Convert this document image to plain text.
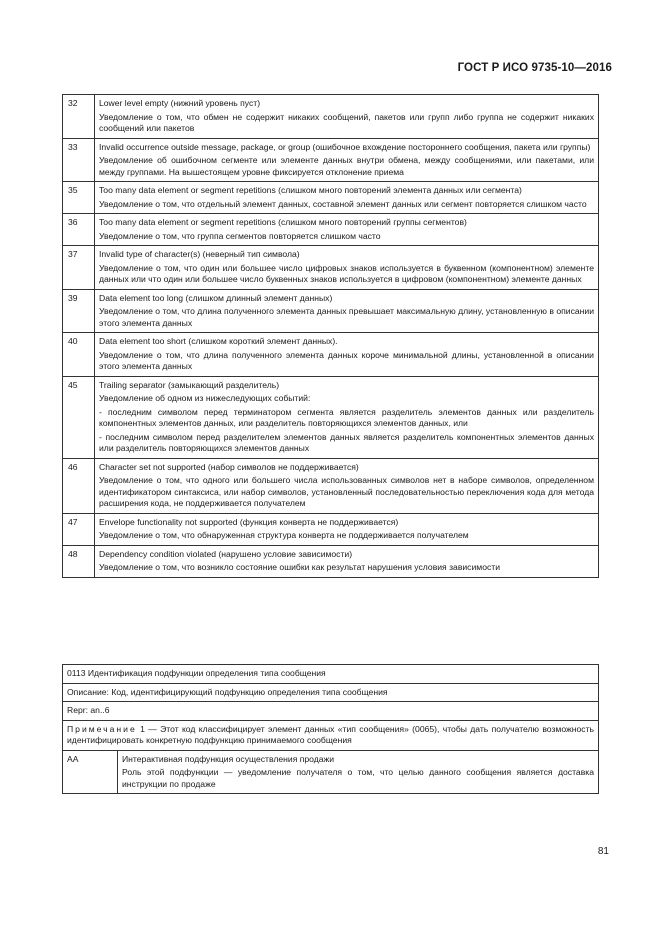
ГОСТ Р ИСО 9735-10—2016
32	Lower level empty (нижний уровень пуст)
Уведомление о том, что обмен не содержит никаких сообщений, пакетов или групп либо группа не содержит никаких сообщений или пакетов

33	Invalid occurrence outside message, package, or group (ошибочное вхождение постороннего сообщения, пакета или группы)
Уведомление об ошибочном сегменте или элементе данных внутри обмена, между сообщениями, или пакетами, или между группами. На вышестоящем уровне фиксируется отклонение приема

35	Too many data element or segment repetitions (слишком много повторений элемента данных или сегмента)
Уведомление о том, что отдельный элемент данных, составной элемент данных или сегмент повторяется слишком часто

36	Too many data element or segment repetitions (слишком много повторений группы сегментов)
Уведомление о том, что группа сегментов повторяется слишком часто

37	Invalid type of character(s) (неверный тип символа)
Уведомление о том, что один или большее число цифровых знаков используется в буквенном (компонентном) элементе данных или что один или большее число буквенных знаков используется в цифровом (компонентном) элементе данных

39	Data element too long (слишком длинный элемент данных)
Уведомление о том, что длина полученного элемента данных превышает максимальную длину, установленную в описании этого элемента данных

40	Data element too short (слишком короткий элемент данных).
Уведомление о том, что длина полученного элемента данных короче минимальной длины, установленной в описании этого элемента данных

45	Trailing separator (замыкающий разделитель)
Уведомление об одном из нижеследующих событий:
- последним символом перед терминатором сегмента является разделитель элементов данных или разделитель компонентных элементов данных, или разделитель повторяющихся элементов данных, или
- последним символом перед разделителем элементов данных является разделитель компонентных элементов данных или разделитель повторяющихся элементов данных

46	Character set not supported (набор символов не поддерживается)
Уведомление о том, что одного или большего числа использованных символов нет в наборе символов, определенном идентификатором синтаксиса, или набор символов, установленный последовательностью переключения кода для метода расширения кода, не поддерживается получателем

47	Envelope functionality not supported (функция конверта не поддерживается)
Уведомление о том, что обнаруженная структура конверта не поддерживается получателем

48	Dependency condition violated (нарушено условие зависимости)
Уведомление о том, что возникло состояние ошибки как результат нарушения условия зависимости
0113 Идентификация подфункции определения типа сообщения
Описание: Код, идентифицирующий подфункцию определения типа сообщения
Repr: an..6
Примечание 1 — Этот код классифицирует элемент данных «тип сообщения» (0065), чтобы дать получателю возможность идентифицировать конкретную подфункцию принимаемого сообщения
AA	Интерактивная подфункция осуществления продажи
Роль этой подфункции — уведомление получателя о том, что целью данного сообщения является доставка инструкции по продаже
81
